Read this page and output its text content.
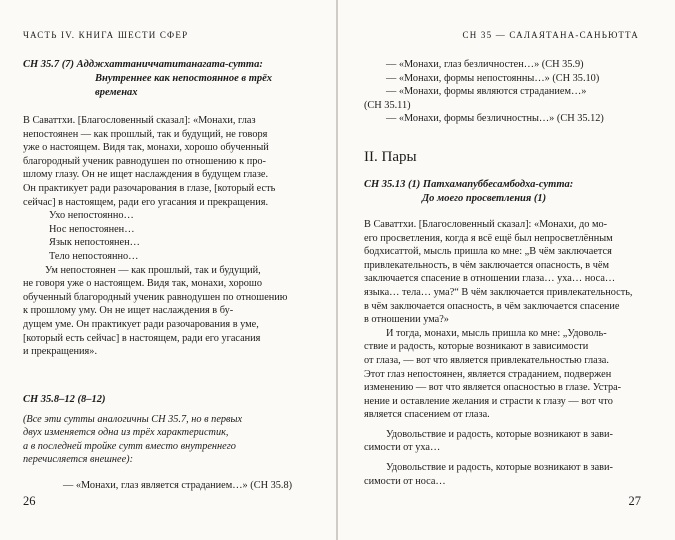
ЧАСТЬ IV. КНИГА ШЕСТИ СФЕР
СН 35.7 (7) Адджхаттаниччатитанагата-сутта:
Внутреннее как непостоянное в трёх
временах

В Саваттхи. [Благословенный сказал]: «Монахи, глаз
непостоянен — как прошлый, так и будущий, не говоря
уже о настоящем. Видя так, монахи, хорошо обученный
благородный ученик равнодушен по отношению к про-
шлому глазу. Он не ищет наслаждения в будущем глазе.
Он практикует ради разочарования в глазе, [который есть
сейчас] в настоящем, ради его угасания и прекращения.

Ухо непостоянно…
Нос непостоянен…
Язык непостоянен…
Тело непостоянно…

Ум непостоянен — как прошлый, так и будущий,
не говоря уже о настоящем. Видя так, монахи, хорошо
обученный благородный ученик равнодушен по отношению
к прошлому уму. Он не ищет наслаждения в бу-
дущем уме. Он практикует ради разочарования в уме,
[который есть сейчас] в настоящем, ради его угасания
и прекращения».

СН 35.8–12 (8–12)
(Все эти сутты аналогичны СН 35.7, но в первых
двух изменяется одна из трёх характеристик,
а в последней тройке сутт вместо внутреннего
перечисляется внешнее):
— «Монахи, глаз является страданием…» (СН 35.8)
26
СН 35 — САЛАЯТАНА-САНЬЮТТА
— «Монахи, глаз безличностен…» (СН 35.9)
— «Монахи, формы непостоянны…» (СН 35.10)
— «Монахи, формы являются страданием…»
(СН 35.11)
— «Монахи, формы безличностны…» (СН 35.12)
II. Пары
СН 35.13 (1) Патхамапуббесамбодха-сутта:
До моего просветления (1)

В Саваттхи. [Благословенный сказал]: «Монахи, до мо-
его просветления, когда я всё ещё был непросветлённым
бодхисаттой, мысль пришла ко мне: „В чём заключается
привлекательность, в чём заключается опасность, в чём
заключается спасение в отношении глаза… уха… носа…
языка… тела… ума?“ В чём заключается привлекательность,
в чём заключается опасность, в чём заключается спасение
в отношении ума?»

И тогда, монахи, мысль пришла ко мне: „Удоволь-
ствие и радость, которые возникают в зависимости
от глаза, — вот что является привлекательностью глаза.
Этот глаз непостоянен, является страданием, подвержен
изменению — вот что является опасностью в глазе. Устра-
нение и оставление желания и страсти к глазу — вот что
является спасением от глаза.

Удовольствие и радость, которые возникают в зави-
симости от уха…

Удовольствие и радость, которые возникают в зави-
симости от носа…

27
